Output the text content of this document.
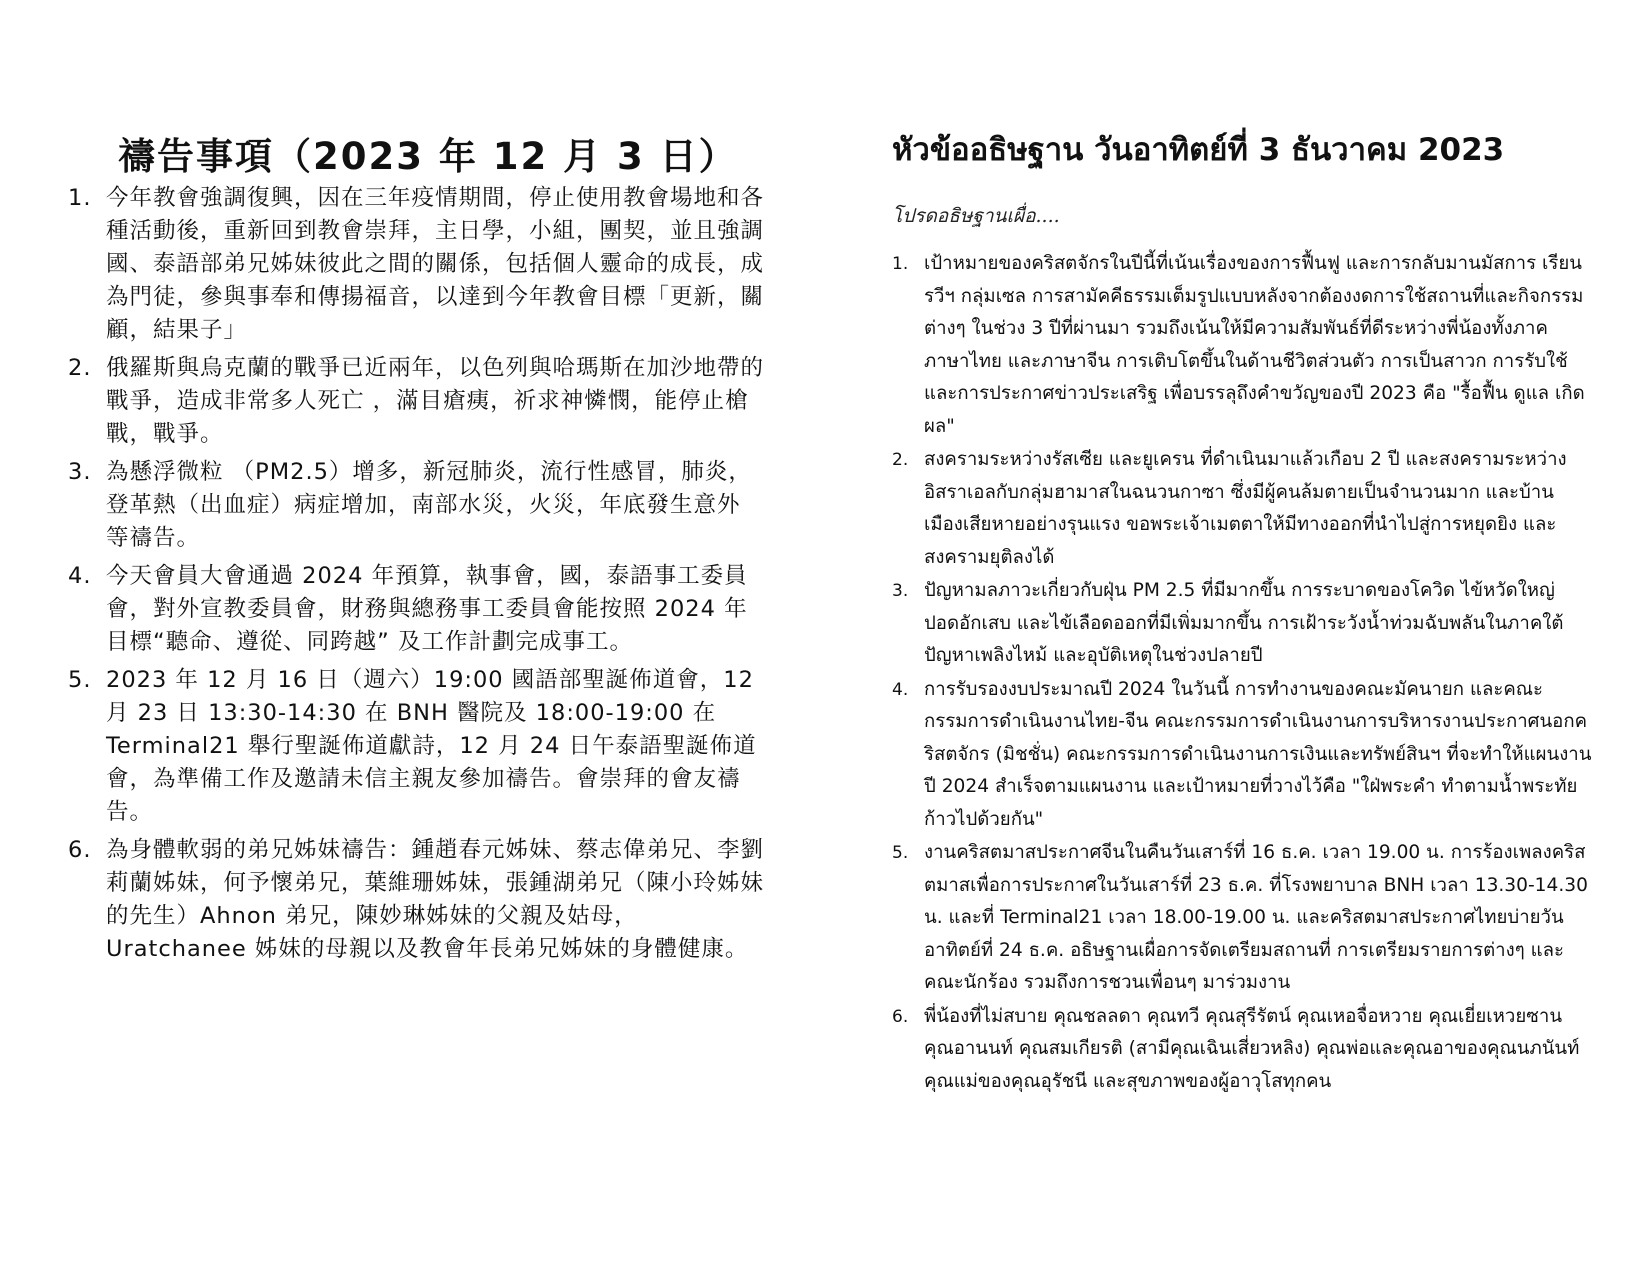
禱告事項（2023 年 12 月 3 日）
1. 今年教會強調復興，因在三年疫情期間，停止使用教會場地和各種活動後，重新回到教會崇拜，主日學，小組，團契，並且強調國、泰語部弟兄姊妹彼此之間的關係，包括個人靈命的成長，成為門徒，參與事奉和傳揚福音，以達到今年教會目標「更新，關顧，結果子」
2. 俄羅斯與烏克蘭的戰爭已近兩年，以色列與哈瑪斯在加沙地帶的戰爭，造成非常多人死亡 ，滿目瘡痍，祈求神憐憫，能停止槍戰，戰爭。
3. 為懸浮微粒 （PM2.5）增多，新冠肺炎，流行性感冒，肺炎，登革熱（出血症）病症增加，南部水災，火災，年底發生意外 等禱告。
4. 今天會員大會通過 2024 年預算，執事會，國，泰語事工委員會，對外宣教委員會，財務與總務事工委員會能按照 2024 年目標“聽命、遵從、同跨越” 及工作計劃完成事工。
5. 2023 年 12 月 16 日（週六）19:00 國語部聖誕佈道會，12 月 23 日 13:30-14:30 在 BNH 醫院及 18:00-19:00 在 Terminal21 舉行聖誕佈道獻詩，12 月 24 日午泰語聖誕佈道會，為準備工作及邀請未信主親友參加禱告。會崇拜的會友禱告。
6. 為身體軟弱的弟兄姊妹禱告：鍾趙春元姊妹、蔡志偉弟兄、李劉莉蘭姊妹，何予懷弟兄，葉維珊姊妹，張鍾湖弟兄（陳小玲姊妹的先生）Ahnon 弟兄，陳妙琳姊妹的父親及姑母，Uratchanee 姊妹的母親以及教會年長弟兄姊妹的身體健康。
หัวข้ออธิษฐาน วันอาทิตย์ที่ 3 ธันวาคม 2023

โปรดอธิษฐานเผื่อ....

1. เป้าหมายของคริสตจักรในปีนี้ที่เน้นเรื่องของการฟื้นฟู และการกลับมานมัสการ เรียนรวีฯ กลุ่มเซล การสามัคคีธรรมเต็มรูปแบบหลังจากต้องงดการใช้สถานที่และกิจกรรมต่างๆ ในช่วง 3 ปีที่ผ่านมา รวมถึงเน้นให้มีความสัมพันธ์ที่ดีระหว่างพี่น้องทั้งภาคภาษาไทย และภาษาจีน การเติบโตขึ้นในด้านชีวิตส่วนตัว การเป็นสาวก การรับใช้ และการประกาศข่าวประเสริฐ เพื่อบรรลุถึงคำขวัญของปี 2023 คือ "รื้อฟื้น ดูแล เกิดผล"
2. สงครามระหว่างรัสเซีย และยูเครน ที่ดำเนินมาแล้วเกือบ 2 ปี และสงครามระหว่างอิสราเอลกับกลุ่มฮามาสในฉนวนกาซา ซึ่งมีผู้คนล้มตายเป็นจำนวนมาก และบ้านเมืองเสียหายอย่างรุนแรง ขอพระเจ้าเมตตาให้มีทางออกที่นำไปสู่การหยุดยิง และสงครามยุติลงได้
3. ปัญหามลภาวะเกี่ยวกับฝุ่น PM 2.5 ที่มีมากขึ้น การระบาดของโควิด ไข้หวัดใหญ่ ปอดอักเสบ และไข้เลือดออกที่มีเพิ่มมากขึ้น การเฝ้าระวังน้ำท่วมฉับพลันในภาคใต้ ปัญหาเพลิงไหม้ และอุบัติเหตุในช่วงปลายปี
4. การรับรองงบประมาณปี 2024 ในวันนี้ การทำงานของคณะมัคนายก และคณะกรรมการดำเนินงานไทย-จีน คณะกรรมการดำเนินงานการบริหารงานประกาศนอกคริสตจักร (มิชชั่น) คณะกรรมการดำเนินงานการเงินและทรัพย์สินฯ ที่จะทำให้แผนงานปี 2024 สำเร็จตามแผนงาน และเป้าหมายที่วางไว้คือ "ใฝ่พระคำ ทำตามน้ำพระทัย ก้าวไปด้วยกัน"
5. งานคริสตมาสประกาศจีนในคืนวันเสาร์ที่ 16 ธ.ค. เวลา 19.00 น. การร้องเพลงคริสตมาสเพื่อการประกาศในวันเสาร์ที่ 23 ธ.ค. ที่โรงพยาบาล BNH เวลา 13.30-14.30 น. และที่ Terminal21 เวลา 18.00-19.00 น. และคริสตมาสประกาศไทยบ่ายวันอาทิตย์ที่ 24 ธ.ค. อธิษฐานเผื่อการจัดเตรียมสถานที่ การเตรียมรายการต่างๆ และคณะนักร้อง รวมถึงการชวนเพื่อนๆ มาร่วมงาน
6. พี่น้องที่ไม่สบาย คุณชลลดา คุณทวี คุณสุรีรัตน์ คุณเหอจื่อหวาย คุณเยี่ยเหวยซาน คุณอานนท์ คุณสมเกียรติ (สามีคุณเฉินเสี่ยวหลิง) คุณพ่อและคุณอาของคุณนภนันท์ คุณแม่ของคุณอุรัชนี และสุขภาพของผู้อาวุโสทุกคน
